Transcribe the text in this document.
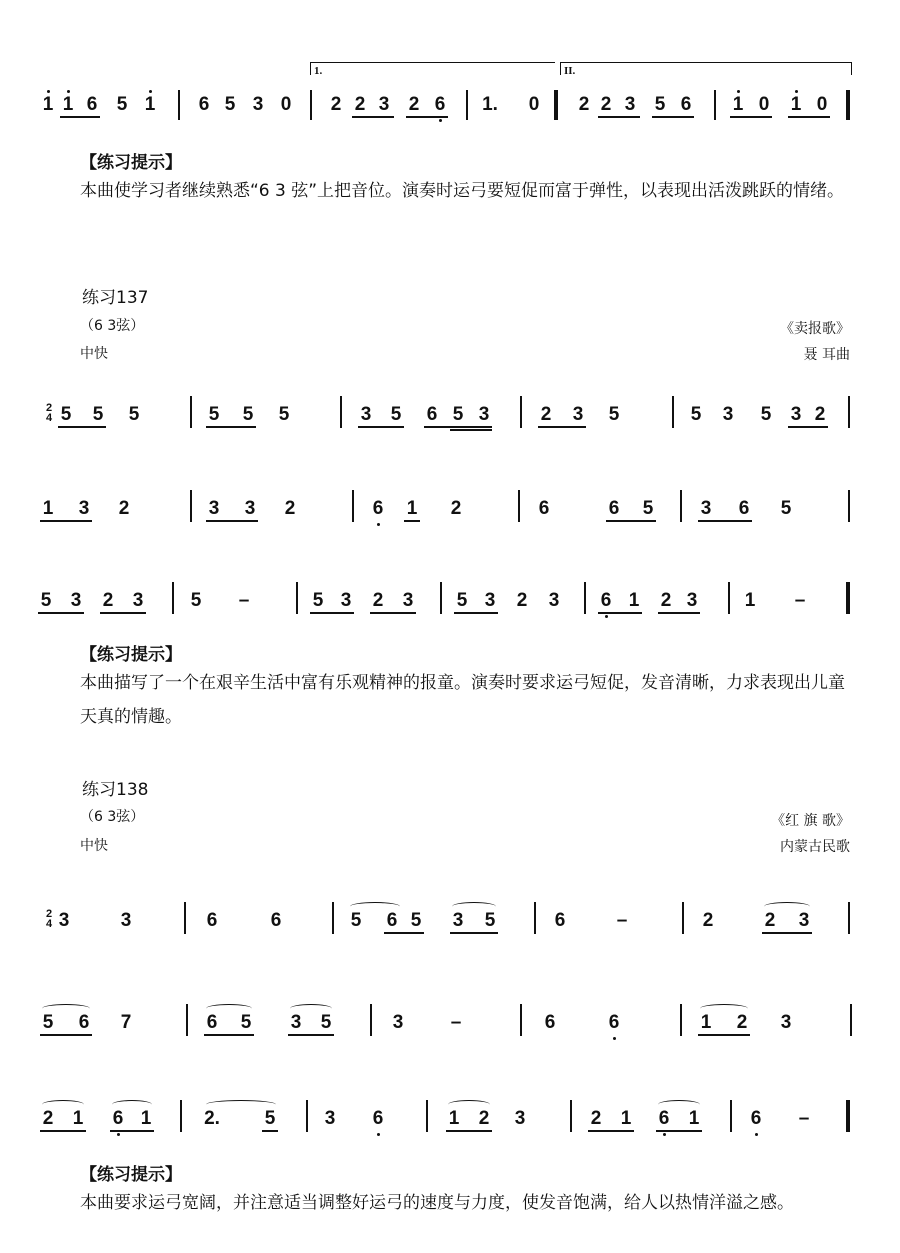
1.	II.
【练习提示】
本曲使学习者继续熟悉“6 3 弦”上把音位。演奏时运弓要短促而富于弹性，以表现出活泼跳跃的情绪。
练习137
（6 3弦）
中快
《卖报歌》
聂 耳曲
2
4
【练习提示】
本曲描写了一个在艰辛生活中富有乐观精神的报童。演奏时要求运弓短促，发音清晰，力求表现出儿童天真的情趣。
练习138
（6 3弦）
中快
《红 旗 歌》
内蒙古民歌
2
4
【练习提示】
本曲要求运弓宽阔，并注意适当调整好运弓的速度与力度，使发音饱满，给人以热情洋溢之感。
1 1 6 5 1 6 5 3 0 2 2 3 2 6 1. 0 2 2 3 5 6 1 0 1 0
5 5 5	5 5 5	3 5 6 5 3	2 3 5	5 3 5 3 2
1 3 2	3 3 2	6 1 2	6	6 5 3 6 5
5 3 2 3 5 –	5 3 2 3 5 3 2 3 6 1 2 3 1 –
3	3	6	6	5 6 5 3 5	6	–	2	2 3
5 6 7	6 5 3 5	3 –	6	6	1 2 3
2 1 6 1	2. 5	3 6	1 2 3	2 1 6 1	6 –
